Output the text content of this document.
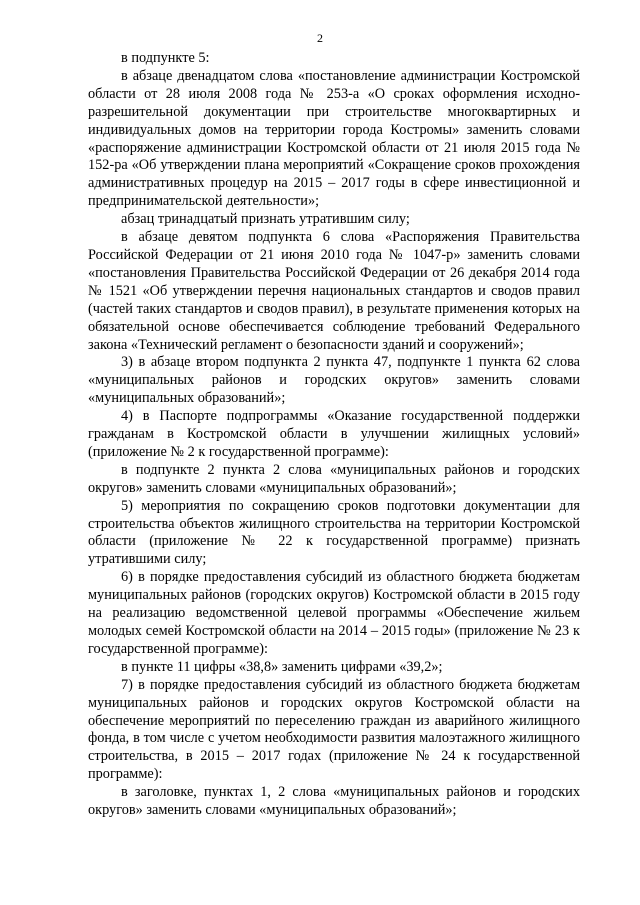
2

в подпункте 5:

в абзаце двенадцатом слова «постановление администрации Костромской области от 28 июля 2008 года № 253-а «О сроках оформления исходно-разрешительной документации при строительстве многоквартирных и индивидуальных домов на территории города Костромы» заменить словами «распоряжение администрации Костромской области от 21 июля 2015 года № 152-ра «Об утверждении плана мероприятий «Сокращение сроков прохождения административных процедур на 2015 – 2017 годы в сфере инвестиционной и предпринимательской деятельности»;

абзац тринадцатый признать утратившим силу;

в абзаце девятом подпункта 6 слова «Распоряжения Правительства Российской Федерации от 21 июня 2010 года № 1047-р» заменить словами «постановления Правительства Российской Федерации от 26 декабря 2014 года № 1521 «Об утверждении перечня национальных стандартов и сводов правил (частей таких стандартов и сводов правил), в результате применения которых на обязательной основе обеспечивается соблюдение требований Федерального закона «Технический регламент о безопасности зданий и сооружений»;

3) в абзаце втором подпункта 2 пункта 47, подпункте 1 пункта 62 слова «муниципальных районов и городских округов» заменить словами «муниципальных образований»;

4) в Паспорте подпрограммы «Оказание государственной поддержки гражданам в Костромской области в улучшении жилищных условий» (приложение № 2 к государственной программе):

в подпункте 2 пункта 2 слова «муниципальных районов и городских округов» заменить словами «муниципальных образований»;

5) мероприятия по сокращению сроков подготовки документации для строительства объектов жилищного строительства на территории Костромской области (приложение № 22 к государственной программе) признать утратившими силу;

6) в порядке предоставления субсидий из областного бюджета бюджетам муниципальных районов (городских округов) Костромской области в 2015 году на реализацию ведомственной целевой программы «Обеспечение жильем молодых семей Костромской области на 2014 – 2015 годы» (приложение № 23 к государственной программе):

в пункте 11 цифры «38,8» заменить цифрами «39,2»;

7) в порядке предоставления субсидий из областного бюджета бюджетам муниципальных районов и городских округов Костромской области на обеспечение мероприятий по переселению граждан из аварийного жилищного фонда, в том числе с учетом необходимости развития малоэтажного жилищного строительства, в 2015 – 2017 годах (приложение № 24 к государственной программе):

в заголовке, пунктах 1, 2 слова «муниципальных районов и городских округов» заменить словами «муниципальных образований»;
